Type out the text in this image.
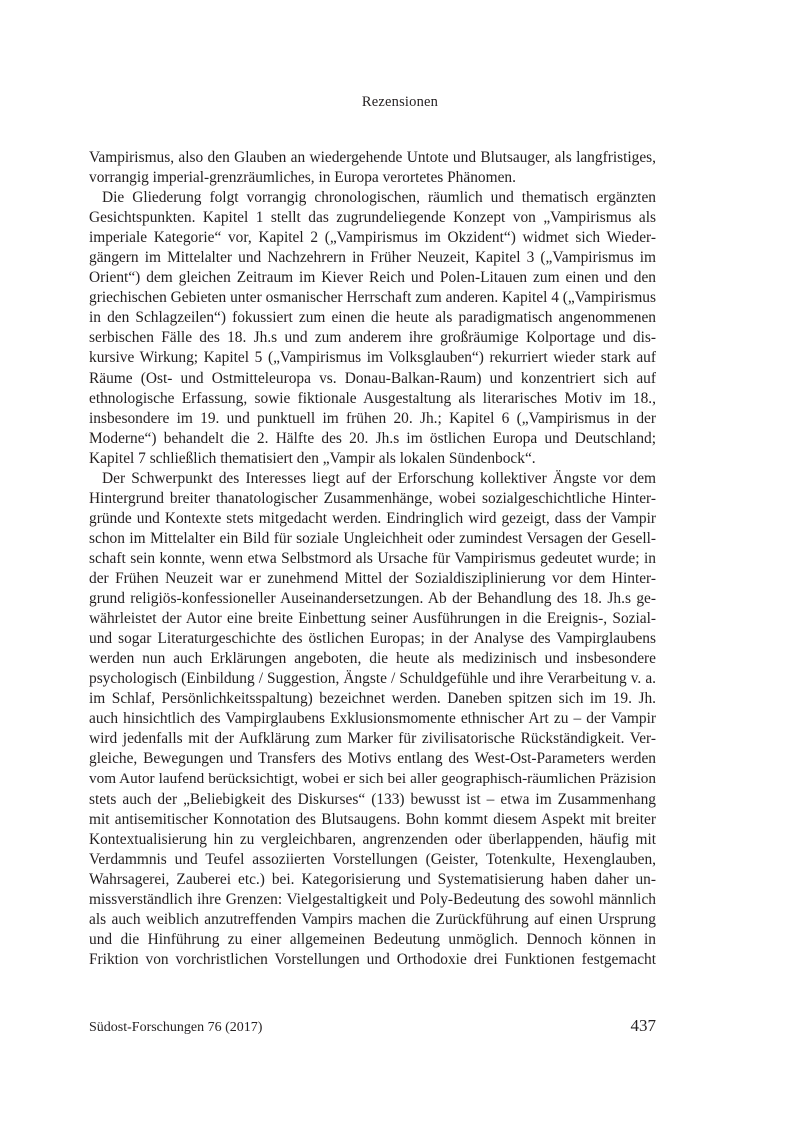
Rezensionen
Vampirismus, also den Glauben an wiedergehende Untote und Blutsauger, als langfristiges,
vorrangig imperial-grenzräumliches, in Europa verortetes Phänomen.
Die Gliederung folgt vorrangig chronologischen, räumlich und thematisch ergänzten
Gesichtspunkten. Kapitel 1 stellt das zugrundeliegende Konzept von „Vampirismus als
imperiale Kategorie“ vor, Kapitel 2 („Vampirismus im Okzident“) widmet sich Wieder-
gängern im Mittelalter und Nachzehrern in Früher Neuzeit, Kapitel 3 („Vampirismus im
Orient“) dem gleichen Zeitraum im Kiever Reich und Polen-Litauen zum einen und den
griechischen Gebieten unter osmanischer Herrschaft zum anderen. Kapitel 4 („Vampirismus
in den Schlagzeilen“) fokussiert zum einen die heute als paradigmatisch angenommenen
serbischen Fälle des 18. Jh.s und zum anderem ihre großräumige Kolportage und dis-
kursive Wirkung; Kapitel 5 („Vampirismus im Volksglauben“) rekurriert wieder stark auf
Räume (Ost- und Ostmitteleuropa vs. Donau-Balkan-Raum) und konzentriert sich auf
ethnologische Erfassung, sowie fiktionale Ausgestaltung als literarisches Motiv im 18.,
insbesondere im 19. und punktuell im frühen 20. Jh.; Kapitel 6 („Vampirismus in der
Moderne“) behandelt die 2. Hälfte des 20. Jh.s im östlichen Europa und Deutschland;
Kapitel 7 schließlich thematisiert den „Vampir als lokalen Sündenbock“.
Der Schwerpunkt des Interesses liegt auf der Erforschung kollektiver Ängste vor dem
Hintergrund breiter thanatologischer Zusammenhänge, wobei sozialgeschichtliche Hinter-
gründe und Kontexte stets mitgedacht werden. Eindringlich wird gezeigt, dass der Vampir
schon im Mittelalter ein Bild für soziale Ungleichheit oder zumindest Versagen der Gesell-
schaft sein konnte, wenn etwa Selbstmord als Ursache für Vampirismus gedeutet wurde; in
der Frühen Neuzeit war er zunehmend Mittel der Sozialdisziplinierung vor dem Hinter-
grund religiös-konfessioneller Auseinandersetzungen. Ab der Behandlung des 18. Jh.s ge-
währleistet der Autor eine breite Einbettung seiner Ausführungen in die Ereignis-, Sozial-
und sogar Literaturgeschichte des östlichen Europas; in der Analyse des Vampirglaubens
werden nun auch Erklärungen angeboten, die heute als medizinisch und insbesondere
psychologisch (Einbildung / Suggestion, Ängste / Schuldgefühle und ihre Verarbeitung v. a.
im Schlaf, Persönlichkeitsspaltung) bezeichnet werden. Daneben spitzen sich im 19. Jh.
auch hinsichtlich des Vampirglaubens Exklusionsmomente ethnischer Art zu – der Vampir
wird jedenfalls mit der Aufklärung zum Marker für zivilisatorische Rückständigkeit. Ver-
gleiche, Bewegungen und Transfers des Motivs entlang des West-Ost-Parameters werden
vom Autor laufend berücksichtigt, wobei er sich bei aller geographisch-räumlichen Präzision
stets auch der „Beliebigkeit des Diskurses“ (133) bewusst ist – etwa im Zusammenhang
mit antisemitischer Konnotation des Blutsaugens. Bohn kommt diesem Aspekt mit breiter
Kontextualisierung hin zu vergleichbaren, angrenzenden oder überlappenden, häufig mit
Verdammnis und Teufel assoziierten Vorstellungen (Geister, Totenkulte, Hexenglauben,
Wahrsagerei, Zauberei etc.) bei. Kategorisierung und Systematisierung haben daher un-
missverständlich ihre Grenzen: Vielgestaltigkeit und Poly-Bedeutung des sowohl männlich
als auch weiblich anzutreffenden Vampirs machen die Zurückführung auf einen Ursprung
und die Hinführung zu einer allgemeinen Bedeutung unmöglich. Dennoch können in
Friktion von vorchristlichen Vorstellungen und Orthodoxie drei Funktionen festgemacht
Südost-Forschungen 76 (2017)	437
